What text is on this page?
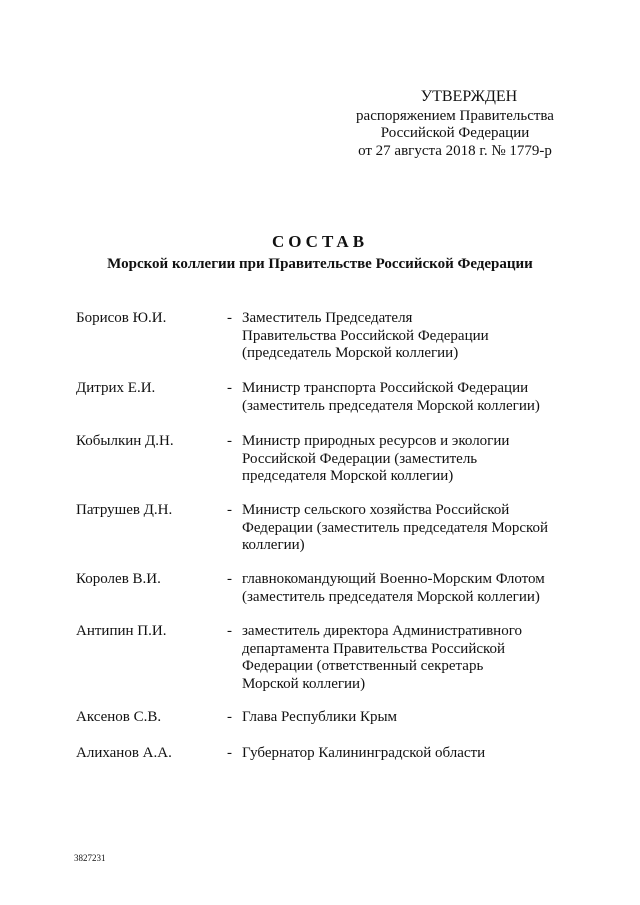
УТВЕРЖДЕН
распоряжением Правительства
Российской Федерации
от 27 августа 2018 г. № 1779-р
СОСТАВ
Морской коллегии при Правительстве Российской Федерации
Борисов Ю.И.	- Заместитель Председателя
Правительства Российской Федерации
(председатель Морской коллегии)
Дитрих Е.И.	- Министр транспорта Российской Федерации
(заместитель председателя Морской коллегии)
Кобылкин Д.Н.	- Министр природных ресурсов и экологии
Российской Федерации (заместитель
председателя Морской коллегии)
Патрушев Д.Н.	- Министр сельского хозяйства Российской
Федерации (заместитель председателя Морской
коллегии)
Королев В.И.	- главнокомандующий Военно-Морским Флотом
(заместитель председателя Морской коллегии)
Антипин П.И.	- заместитель директора Административного
департамента Правительства Российской
Федерации (ответственный секретарь
Морской коллегии)
Аксенов С.В.	- Глава Республики Крым
Алиханов А.А.	- Губернатор Калининградской области
3827231
